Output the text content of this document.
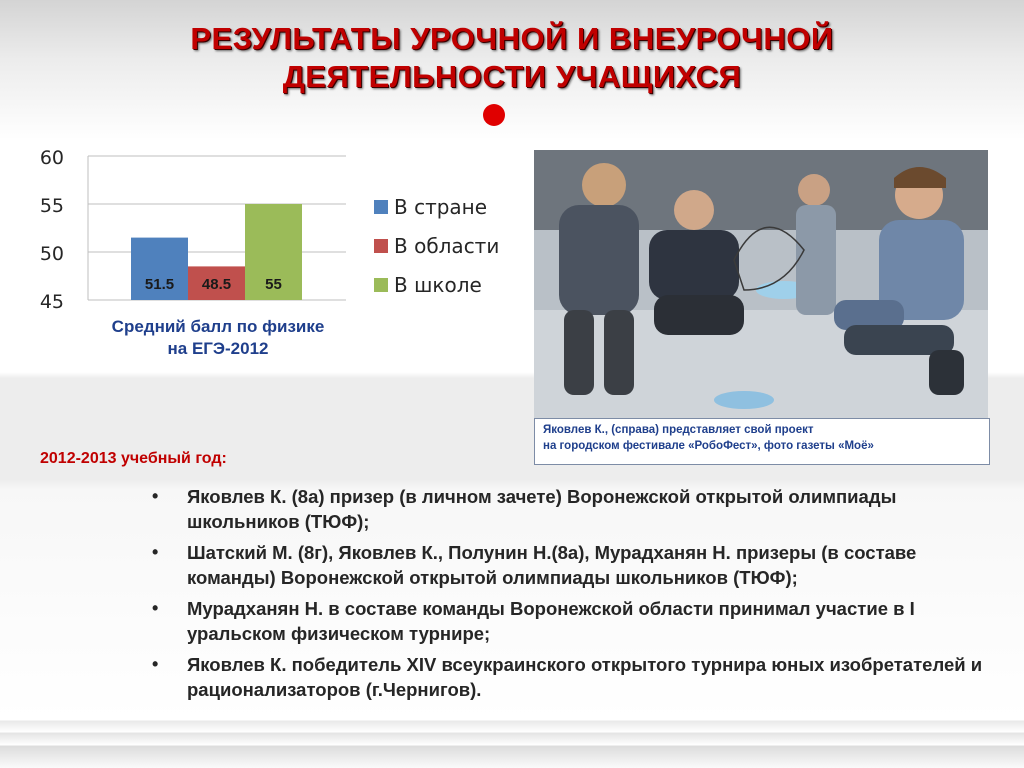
РЕЗУЛЬТАТЫ УРОЧНОЙ И ВНЕУРОЧНОЙ
ДЕЯТЕЛЬНОСТИ УЧАЩИХСЯ
45
50
55
60
51.5 48.5 55
В стране
В области
В школе
Средний балл по физике
на ЕГЭ-2012
Яковлев К., (справа) представляет свой проект
на городском фестивале «РобоФест», фото газеты «Моё»
2012-2013 учебный год:
• Яковлев К. (8а) призер (в личном зачете) Воронежской открытой олимпиады школьников (ТЮФ);
• Шатский М. (8г), Яковлев К., Полунин Н.(8а), Мурадханян Н. призеры (в составе команды) Воронежской открытой олимпиады школьников (ТЮФ);
• Мурадханян Н. в составе команды Воронежской области принимал участие в I уральском физическом турнире;
• Яковлев К. победитель XIV всеукраинского открытого турнира юных изобретателей и рационализаторов (г.Чернигов).
